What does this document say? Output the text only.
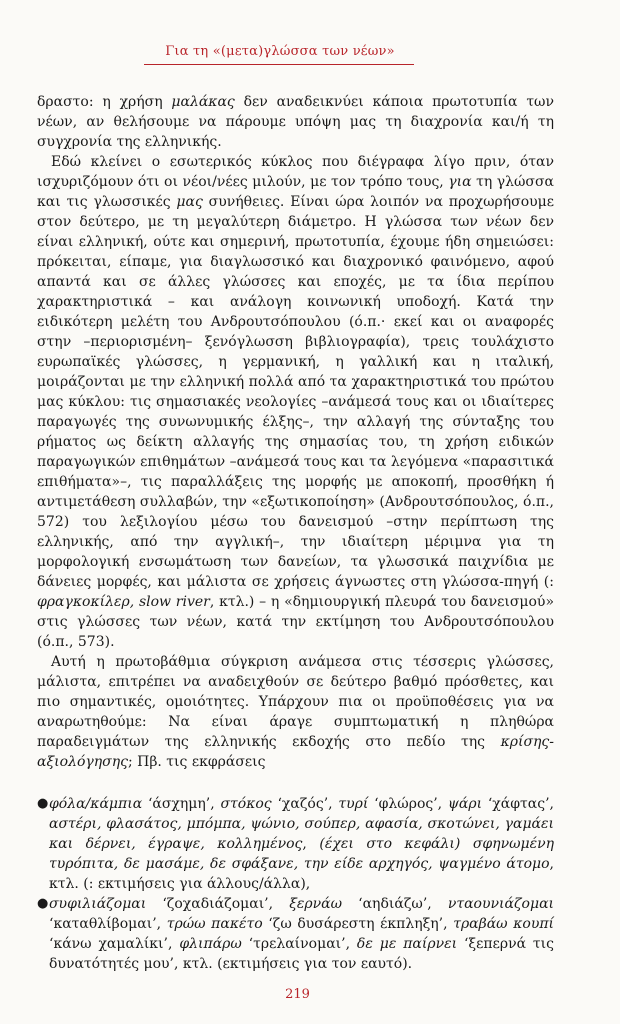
Για τη «(μετα)γλώσσα των νέων»

δραστο: η χρήση μαλάκας δεν αναδεικνύει κάποια πρωτοτυπία των νέων, αν θελήσουμε να πάρουμε υπόψη μας τη διαχρονία και/ή τη συγχρονία της ελληνικής.

Εδώ κλείνει ο εσωτερικός κύκλος που διέγραφα λίγο πριν, όταν ισχυριζόμουν ότι οι νέοι/νέες μιλούν, με τον τρόπο τους, για τη γλώσσα και τις γλωσσικές μας συνήθειες. Είναι ώρα λοιπόν να προχωρήσουμε στον δεύτερο, με τη μεγαλύτερη διάμετρο. Η γλώσσα των νέων δεν είναι ελληνική, ούτε και σημερινή, πρωτοτυπία, έχουμε ήδη σημειώσει: πρόκειται, είπαμε, για διαγλωσσικό και διαχρονικό φαινόμενο, αφού απαντά και σε άλλες γλώσσες και εποχές, με τα ίδια περίπου χαρακτηριστικά – και ανάλογη κοινωνική υποδοχή. Κατά την ειδικότερη μελέτη του Ανδρουτσόπουλου (ό.π.· εκεί και οι αναφορές στην –περιορισμένη– ξενόγλωσση βιβλιογραφία), τρεις τουλάχιστο ευρωπαϊκές γλώσσες, η γερμανική, η γαλλική και η ιταλική, μοιράζονται με την ελληνική πολλά από τα χαρακτηριστικά του πρώτου μας κύκλου: τις σημασιακές νεολογίες –ανάμεσά τους και οι ιδιαίτερες παραγωγές της συνωνυμικής έλξης–, την αλλαγή της σύνταξης του ρήματος ως δείκτη αλλαγής της σημασίας του, τη χρήση ειδικών παραγωγικών επιθημάτων –ανάμεσά τους και τα λεγόμενα «παρασιτικά επιθήματα»–, τις παραλλάξεις της μορφής με αποκοπή, προσθήκη ή αντιμετάθεση συλλαβών, την «εξωτικοποίηση» (Ανδρουτσόπουλος, ό.π., 572) του λεξιλογίου μέσω του δανεισμού –στην περίπτωση της ελληνικής, από την αγγλική–, την ιδιαίτερη μέριμνα για τη μορφολογική ενσωμάτωση των δανείων, τα γλωσσικά παιχνίδια με δάνειες μορφές, και μάλιστα σε χρήσεις άγνωστες στη γλώσσα-πηγή (: φραγκοκίλερ, slow river, κτλ.) – η «δημιουργική πλευρά του δανεισμού» στις γλώσσες των νέων, κατά την εκτίμηση του Ανδρουτσόπουλου (ό.π., 573).

Αυτή η πρωτοβάθμια σύγκριση ανάμεσα στις τέσσερις γλώσσες, μάλιστα, επιτρέπει να αναδειχθούν σε δεύτερο βαθμό πρόσθετες, και πιο σημαντικές, ομοιότητες. Υπάρχουν πια οι προϋποθέσεις για να αναρωτηθούμε: Να είναι άραγε συμπτωματική η πληθώρα παραδειγμάτων της ελληνικής εκδοχής στο πεδίο της κρίσης-αξιολόγησης; Πβ. τις εκφράσεις

● φόλα/κάμπια ‘άσχημη’, στόκος ‘χαζός’, τυρί ‘φλώρος’, ψάρι ‘χάφτας’, αστέρι, φλασάτος, μπόμπα, ψώνιο, σούπερ, αφασία, σκοτώνει, γαμάει και δέρνει, έγραψε, κολλημένος, (έχει στο κεφάλι) σφηνωμένη τυρόπιτα, δε μασάμε, δε σφάξανε, την είδε αρχηγός, ψαγμένο άτομο, κτλ. (: εκτιμήσεις για άλλους/άλλα),
● συφιλιάζομαι ‘ζοχαδιάζομαι’, ξερνάω ‘αηδιάζω’, νταουνιάζομαι ‘καταθλίβομαι’, τρώω πακέτο ‘ζω δυσάρεστη έκπληξη’, τραβάω κουπί ‘κάνω χαμαλίκι’, φλιπάρω ‘τρελαίνομαι’, δε με παίρνει ‘ξεπερνά τις δυνατότητές μου’, κτλ. (εκτιμήσεις για τον εαυτό).
219
